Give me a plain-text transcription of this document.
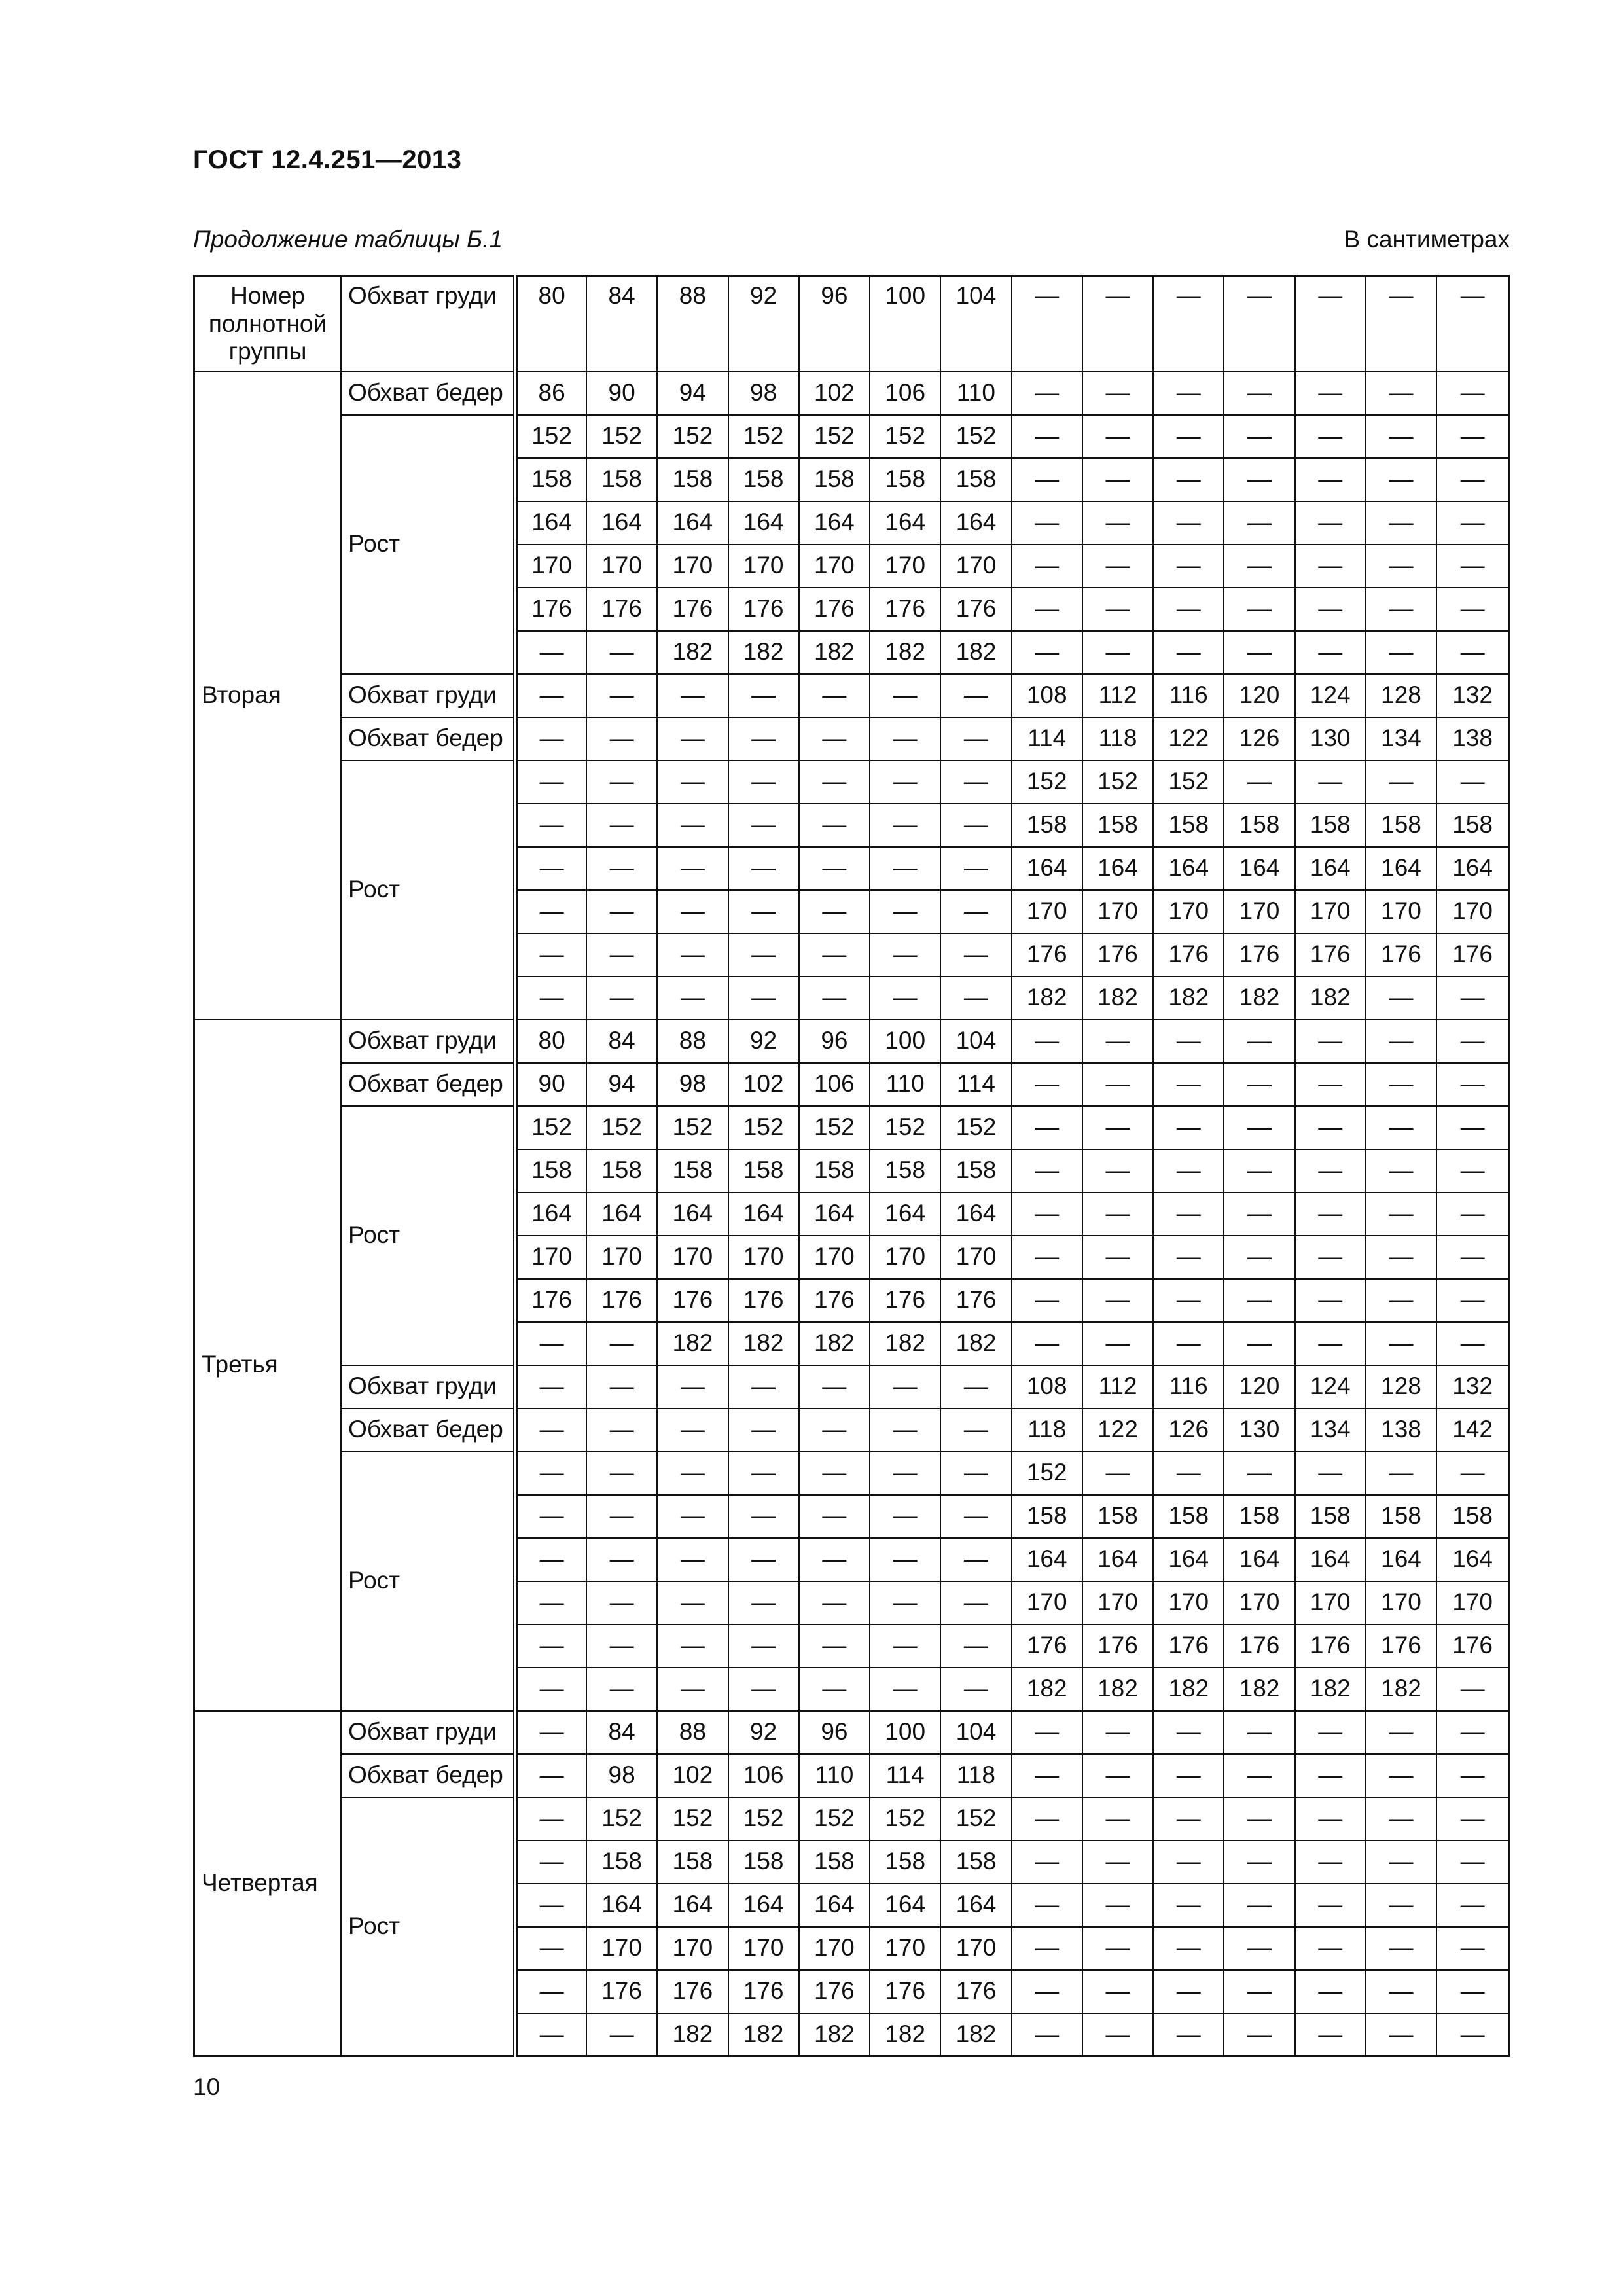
ГОСТ 12.4.251—2013
Продолжение таблицы Б.1	В сантиметрах
Номер полнотной группы	Обхват груди	80	84	88	92	96	100	104	—	—	—	—	—	—	—
Вторая	Обхват бедер	86	90	94	98	102	106	110	—	—	—	—	—	—	—
	Рост	152	152	152	152	152	152	152	—	—	—	—	—	—	—
		158	158	158	158	158	158	158	—	—	—	—	—	—	—
		164	164	164	164	164	164	164	—	—	—	—	—	—	—
		170	170	170	170	170	170	170	—	—	—	—	—	—	—
		176	176	176	176	176	176	176	—	—	—	—	—	—	—
		—	—	182	182	182	182	182	—	—	—	—	—	—	—
	Обхват груди	—	—	—	—	—	—	—	108	112	116	120	124	128	132
	Обхват бедер	—	—	—	—	—	—	—	114	118	122	126	130	134	138
	Рост	—	—	—	—	—	—	—	152	152	152	—	—	—	—
		—	—	—	—	—	—	—	158	158	158	158	158	158	158
		—	—	—	—	—	—	—	164	164	164	164	164	164	164
		—	—	—	—	—	—	—	170	170	170	170	170	170	170
		—	—	—	—	—	—	—	176	176	176	176	176	176	176
		—	—	—	—	—	—	—	182	182	182	182	182	—	—
Третья	Обхват груди	80	84	88	92	96	100	104	—	—	—	—	—	—	—
	Обхват бедер	90	94	98	102	106	110	114	—	—	—	—	—	—	—
	Рост	152	152	152	152	152	152	152	—	—	—	—	—	—	—
		158	158	158	158	158	158	158	—	—	—	—	—	—	—
		164	164	164	164	164	164	164	—	—	—	—	—	—	—
		170	170	170	170	170	170	170	—	—	—	—	—	—	—
		176	176	176	176	176	176	176	—	—	—	—	—	—	—
		—	—	182	182	182	182	182	—	—	—	—	—	—	—
	Обхват груди	—	—	—	—	—	—	—	108	112	116	120	124	128	132
	Обхват бедер	—	—	—	—	—	—	—	118	122	126	130	134	138	142
	Рост	—	—	—	—	—	—	—	152	—	—	—	—	—	—
		—	—	—	—	—	—	—	158	158	158	158	158	158	158
		—	—	—	—	—	—	—	164	164	164	164	164	164	164
		—	—	—	—	—	—	—	170	170	170	170	170	170	170
		—	—	—	—	—	—	—	176	176	176	176	176	176	176
		—	—	—	—	—	—	—	182	182	182	182	182	182	—
Четвертая	Обхват груди	—	84	88	92	96	100	104	—	—	—	—	—	—	—
	Обхват бедер	—	98	102	106	110	114	118	—	—	—	—	—	—	—
	Рост	—	152	152	152	152	152	152	—	—	—	—	—	—	—
		—	158	158	158	158	158	158	—	—	—	—	—	—	—
		—	164	164	164	164	164	164	—	—	—	—	—	—	—
		—	170	170	170	170	170	170	—	—	—	—	—	—	—
		—	176	176	176	176	176	176	—	—	—	—	—	—	—
		—	—	182	182	182	182	182	—	—	—	—	—	—	—
10
